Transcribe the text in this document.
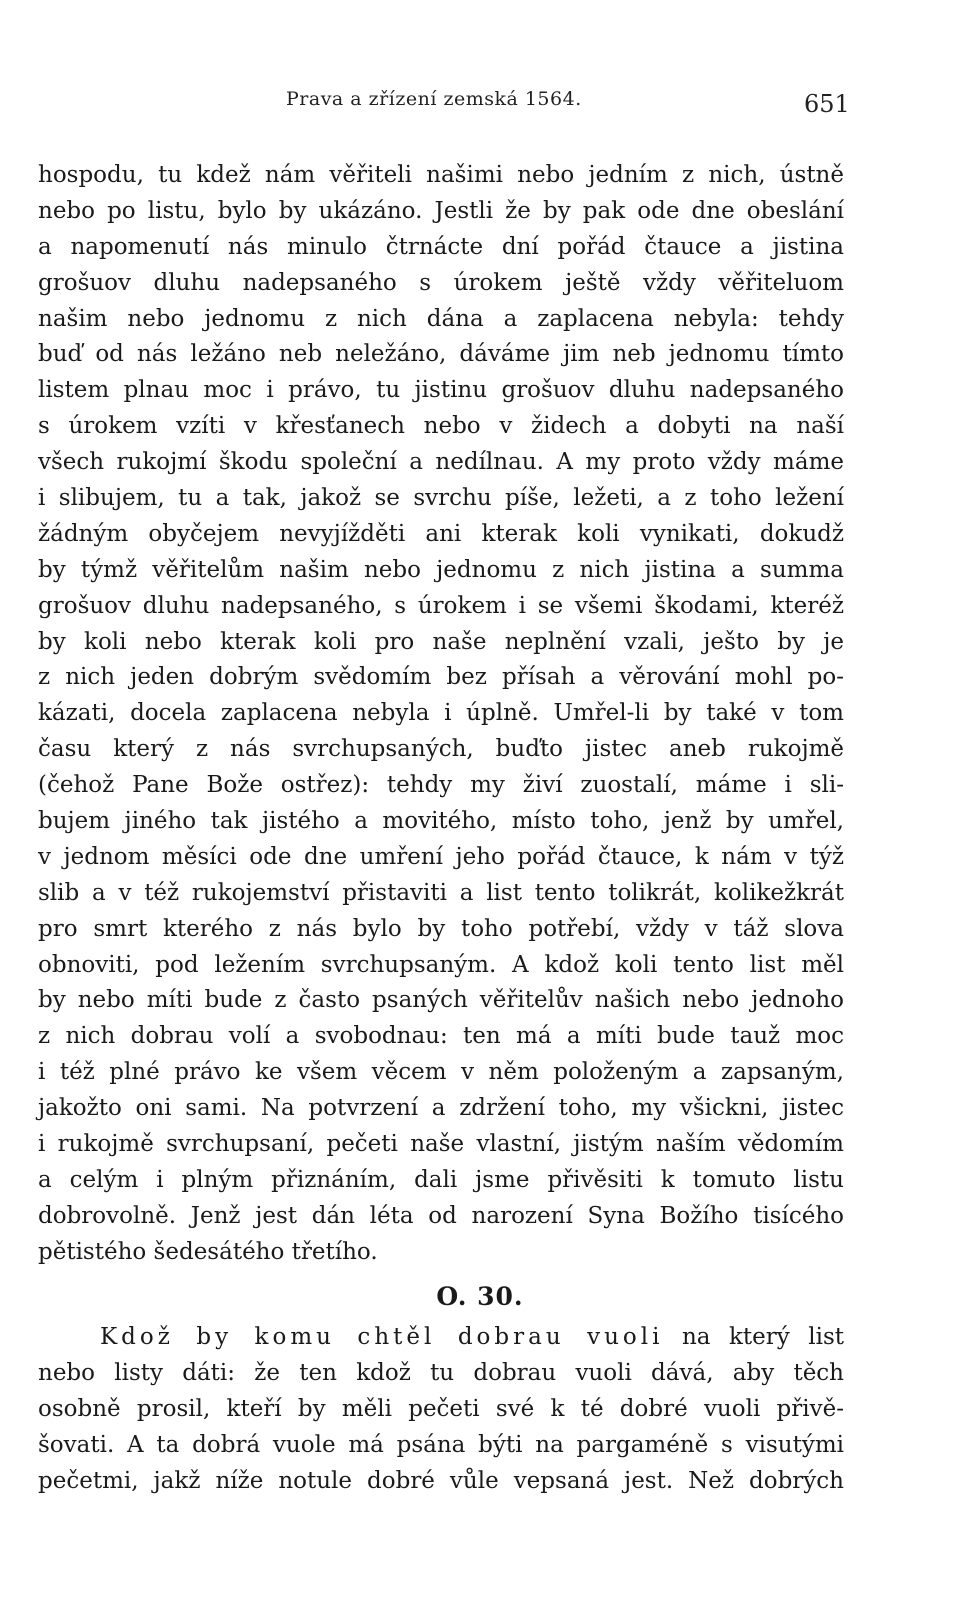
Prava a zřízení zemská 1564.	651
hospodu, tu kdež nám věřiteli našimi nebo jedním z nich, ústně
nebo po listu, bylo by ukázáno. Jestli že by pak ode dne obeslání
a napomenutí nás minulo čtrnácte dní pořád čtauce a jistina
grošuov dluhu nadepsaného s úrokem ještě vždy věřiteluom
našim nebo jednomu z nich dána a zaplacena nebyla: tehdy
buď od nás ležáno neb neležáno, dáváme jim neb jednomu tímto
listem plnau moc i právo, tu jistinu grošuov dluhu nadepsaného
s úrokem vzíti v křesťanech nebo v židech a dobyti na naší
všech rukojmí škodu společní a nedílnau. A my proto vždy máme
i slibujem, tu a tak, jakož se svrchu píše, ležeti, a z toho ležení
žádným obyčejem nevyjížděti ani kterak koli vynikati, dokudž
by týmž věřitelům našim nebo jednomu z nich jistina a summa
grošuov dluhu nadepsaného, s úrokem i se všemi škodami, kteréž
by koli nebo kterak koli pro naše neplnění vzali, ješto by je
z nich jeden dobrým svědomím bez přísah a věrování mohl po-
kázati, docela zaplacena nebyla i úplně. Umřel-li by také v tom
času který z nás svrchupsaných, buďto jistec aneb rukojmě
(čehož Pane Bože ostřez): tehdy my živí zuostalí, máme i sli-
bujem jiného tak jistého a movitého, místo toho, jenž by umřel,
v jednom měsíci ode dne umření jeho pořád čtauce, k nám v týž
slib a v též rukojemství přistaviti a list tento tolikrát, kolikežkrát
pro smrt kterého z nás bylo by toho potřebí, vždy v táž slova
obnoviti, pod ležením svrchupsaným. A kdož koli tento list měl
by nebo míti bude z často psaných věřitelův našich nebo jednoho
z nich dobrau volí a svobodnau: ten má a míti bude tauž moc
i též plné právo ke všem věcem v něm položeným a zapsaným,
jakožto oni sami. Na potvrzení a zdržení toho, my všickni, jistec
i rukojmě svrchupsaní, pečeti naše vlastní, jistým naším vědomím
a celým i plným přiznáním, dali jsme přivěsiti k tomuto listu
dobrovolně. Jenž jest dán léta od narození Syna Božího tisícého
pětistého šedesátého třetího.
O. 30.
Kdož by komu chtěl dobrau vuoli na který list
nebo listy dáti: že ten kdož tu dobrau vuoli dává, aby těch
osobně prosil, kteří by měli pečeti své k té dobré vuoli přivě-
šovati. A ta dobrá vuole má psána býti na pargaméně s visutými
pečetmi, jakž níže notule dobré vůle vepsaná jest. Než dobrých
